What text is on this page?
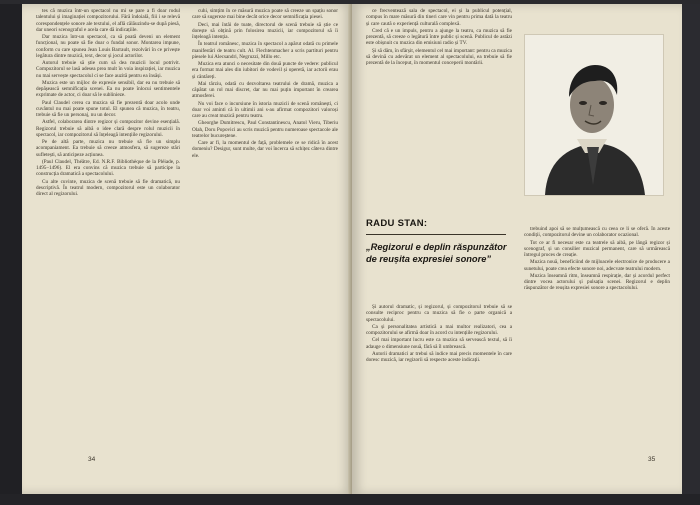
tes că muzica într-un spectacol nu mi se pare a fi doar rodul talentului și imaginației compozitorului. Fără îndoială, fiii i se relevă corespondențele sonore ale textului, el află călăuzindu-se după piesă, dar uneori scenograful e acela care dă indicațiile.

Dar muzica într-un spectacol, ca să poată deveni un element funcțional, nu poate să fie doar o fundal sonor. Montarea impune, conform cu care spunea Jean Louis Barrault, rezolvări în ce privește legătura dintre muzică, text, decor și jocul actorilor.

Autorul trebuie să știe cum să dea muzicii locul potrivit. Compozitorul se lasă adesea prea mult în voia inspirației, iar muzica nu mai servește spectacolul ci se face auzită pentru ea însăși.

Muzica este un mijloc de expresie sensibil, dar ea nu trebuie să depășească semnificația scenei. Ea nu poate înlocui sentimentele exprimate de actor, ci doar să le sublinieze.

Paul Claudel cerea ca muzica să fie prezentă doar acolo unde cuvântul nu mai poate spune totul. El spunea că muzica, în teatru, trebuie să fie un personaj, nu un decor.

Astfel, colaborarea dintre regizor și compozitor devine esențială. Regizorul trebuie să aibă o idee clară despre rolul muzicii în spectacol, iar compozitorul să înțeleagă intențiile regizorului.

Pe de altă parte, muzica nu trebuie să fie un simplu acompaniament. Ea trebuie să creeze atmosfera, să sugereze stări sufletești, să anticipeze acțiunea.

(Paul Claudel, Théâtre, Ed. N.R.F. Bibliothèque de la Pléiade, p. 1495–1496). El era convins că muzica trebuie să participe la construcția dramatică a spectacolului.

Cu alte cuvinte, muzica de scenă trebuie să fie dramatică, nu descriptivă. În teatrul modern, compozitorul este un colaborator direct al regizorului.

cuhi, simțim în ce măsură muzica poate să creeze un spațiu sonor care să sugereze mai bine decât orice decor semnificația piesei.

Deci, mai întâi de toate, directorul de scenă trebuie să știe ce dorește să obțină prin folosirea muzicii, iar compozitorul să îi înțeleagă intenția.

În teatrul românesc, muzica în spectacol a apărut odată cu primele manifestări de teatru cult. Al. Flechtenmacher a scris partituri pentru piesele lui Alecsandri, Negruzzi, Millo etc.

Muzica era atunci o necesitate din două puncte de vedere: publicul era format mai ales din iubitori de vodevil și operetă, iar actorii erau și cântăreți.

Mai târziu, odată cu dezvoltarea teatrului de dramă, muzica a căpătat un rol mai discret, dar nu mai puțin important în crearea atmosferei.

Nu voi face o incursiune în istoria muzicii de scenă românești, ci doar voi aminti că în ultimii ani s-au afirmat compozitori valoroși care au creat muzică pentru teatru.

Gheorghe Dumitrescu, Paul Constantinescu, Anatol Vieru, Tiberiu Olah, Doru Popovici au scris muzică pentru numeroase spectacole ale teatrelor bucureștene.

Care ar fi, la momentul de față, problemele ce se ridică în acest domeniu? Desigur, sunt multe, dar voi încerca să schițez câteva dintre ele.

34

ce frecventează sala de spectacol, ei și la publicul potențial, compus în mare măsură din tineri care vin pentru prima dată la teatru și care caută o experiență culturală complexă.

Cred că e un impuls, pentru a ajunge la teatru, ca muzica să fie prezentă, să creeze o legătură între public și scenă. Publicul de astăzi este obișnuit cu muzica din emisiuni radio și TV.

Și să dăm, în sfârșit, elementul cel mai important: pentru ca muzica să devină cu adevărat un element al spectacolului, ea trebuie să fie prezentă de la început, în momentul conceperii montării.

RADU STAN:
„Regizorul e deplin răspunzător de reușita expresiei sonore”

Și autorul dramatic, și regizorul, și compozitorul trebuie să se consulte reciproc pentru ca muzica să fie o parte organică a spectacolului.

Ca și personalitatea artistică a mai multor realizatori, cea a compozitorului se afirmă doar în acord cu intențiile regizorului.

Cel mai important lucru este ca muzica să servească textul, să îi adauge o dimensiune nouă, fără să îl umbrească.

Autorii dramatici ar trebui să indice mai precis momentele în care doresc muzică, iar regizorii să respecte aceste indicații.

trebuind apoi să se mulțumească cu ceea ce li se oferă. În aceste condiții, compozitorul devine un colaborator ocazional.

Tot ce ar fi necesar este ca teatrele să aibă, pe lângă regizor și scenograf, și un consilier muzical permanent, care să urmărească întregul proces de creație.

Muzica nouă, beneficiind de mijloacele electronice de producere a sunetului, poate crea efecte sonore noi, adecvate teatrului modern.

Muzica înseamnă ritm, înseamnă respirație, dar și acordul perfect dintre vocea actorului și pulsația scenei. Regizorul e deplin răspunzător de reușita expresiei sonore a spectacolului.

35
